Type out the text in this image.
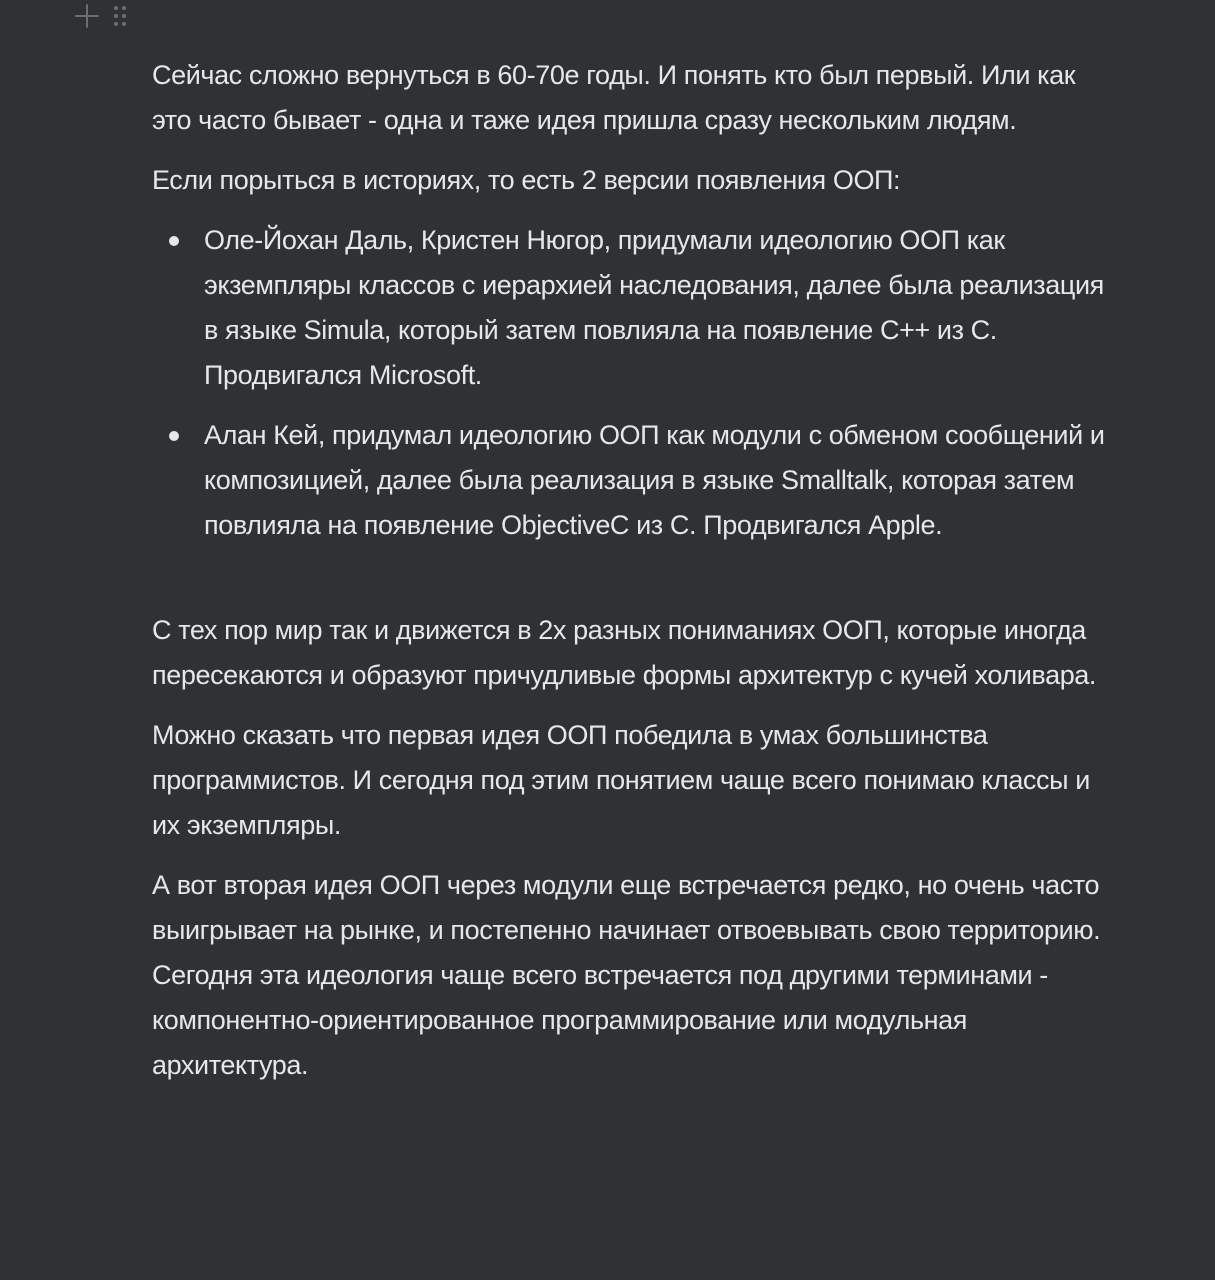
Сейчас сложно вернуться в 60-70е годы. И понять кто был первый. Или как это часто бывает - одна и таже идея пришла сразу нескольким людям.

Если порыться в историях, то есть 2 версии появления ООП:

Оле-Йохан Даль, Кристен Нюгор, придумали идеологию ООП как экземпляры классов с иерархией наследования, далее была реализация в языке Simula, который затем повлияла на появление С++ из С. Продвигался Microsoft.
Алан Кей, придумал идеологию ООП как модули с обменом сообщений и композицией, далее была реализация в языке Smalltalk, которая затем повлияла на появление ObjectiveC из С. Продвигался Apple.

С тех пор мир так и движется в 2х разных пониманиях ООП, которые иногда пересекаются и образуют причудливые формы архитектур с кучей холивара.

Можно сказать что первая идея ООП победила в умах большинства программистов. И сегодня под этим понятием чаще всего понимаю классы и их экземпляры.

А вот вторая идея ООП через модули еще встречается редко, но очень часто выигрывает на рынке, и постепенно начинает отвоевывать свою территорию. Сегодня эта идеология чаще всего встречается под другими терминами - компонентно-ориентированное программирование или модульная архитектура.
